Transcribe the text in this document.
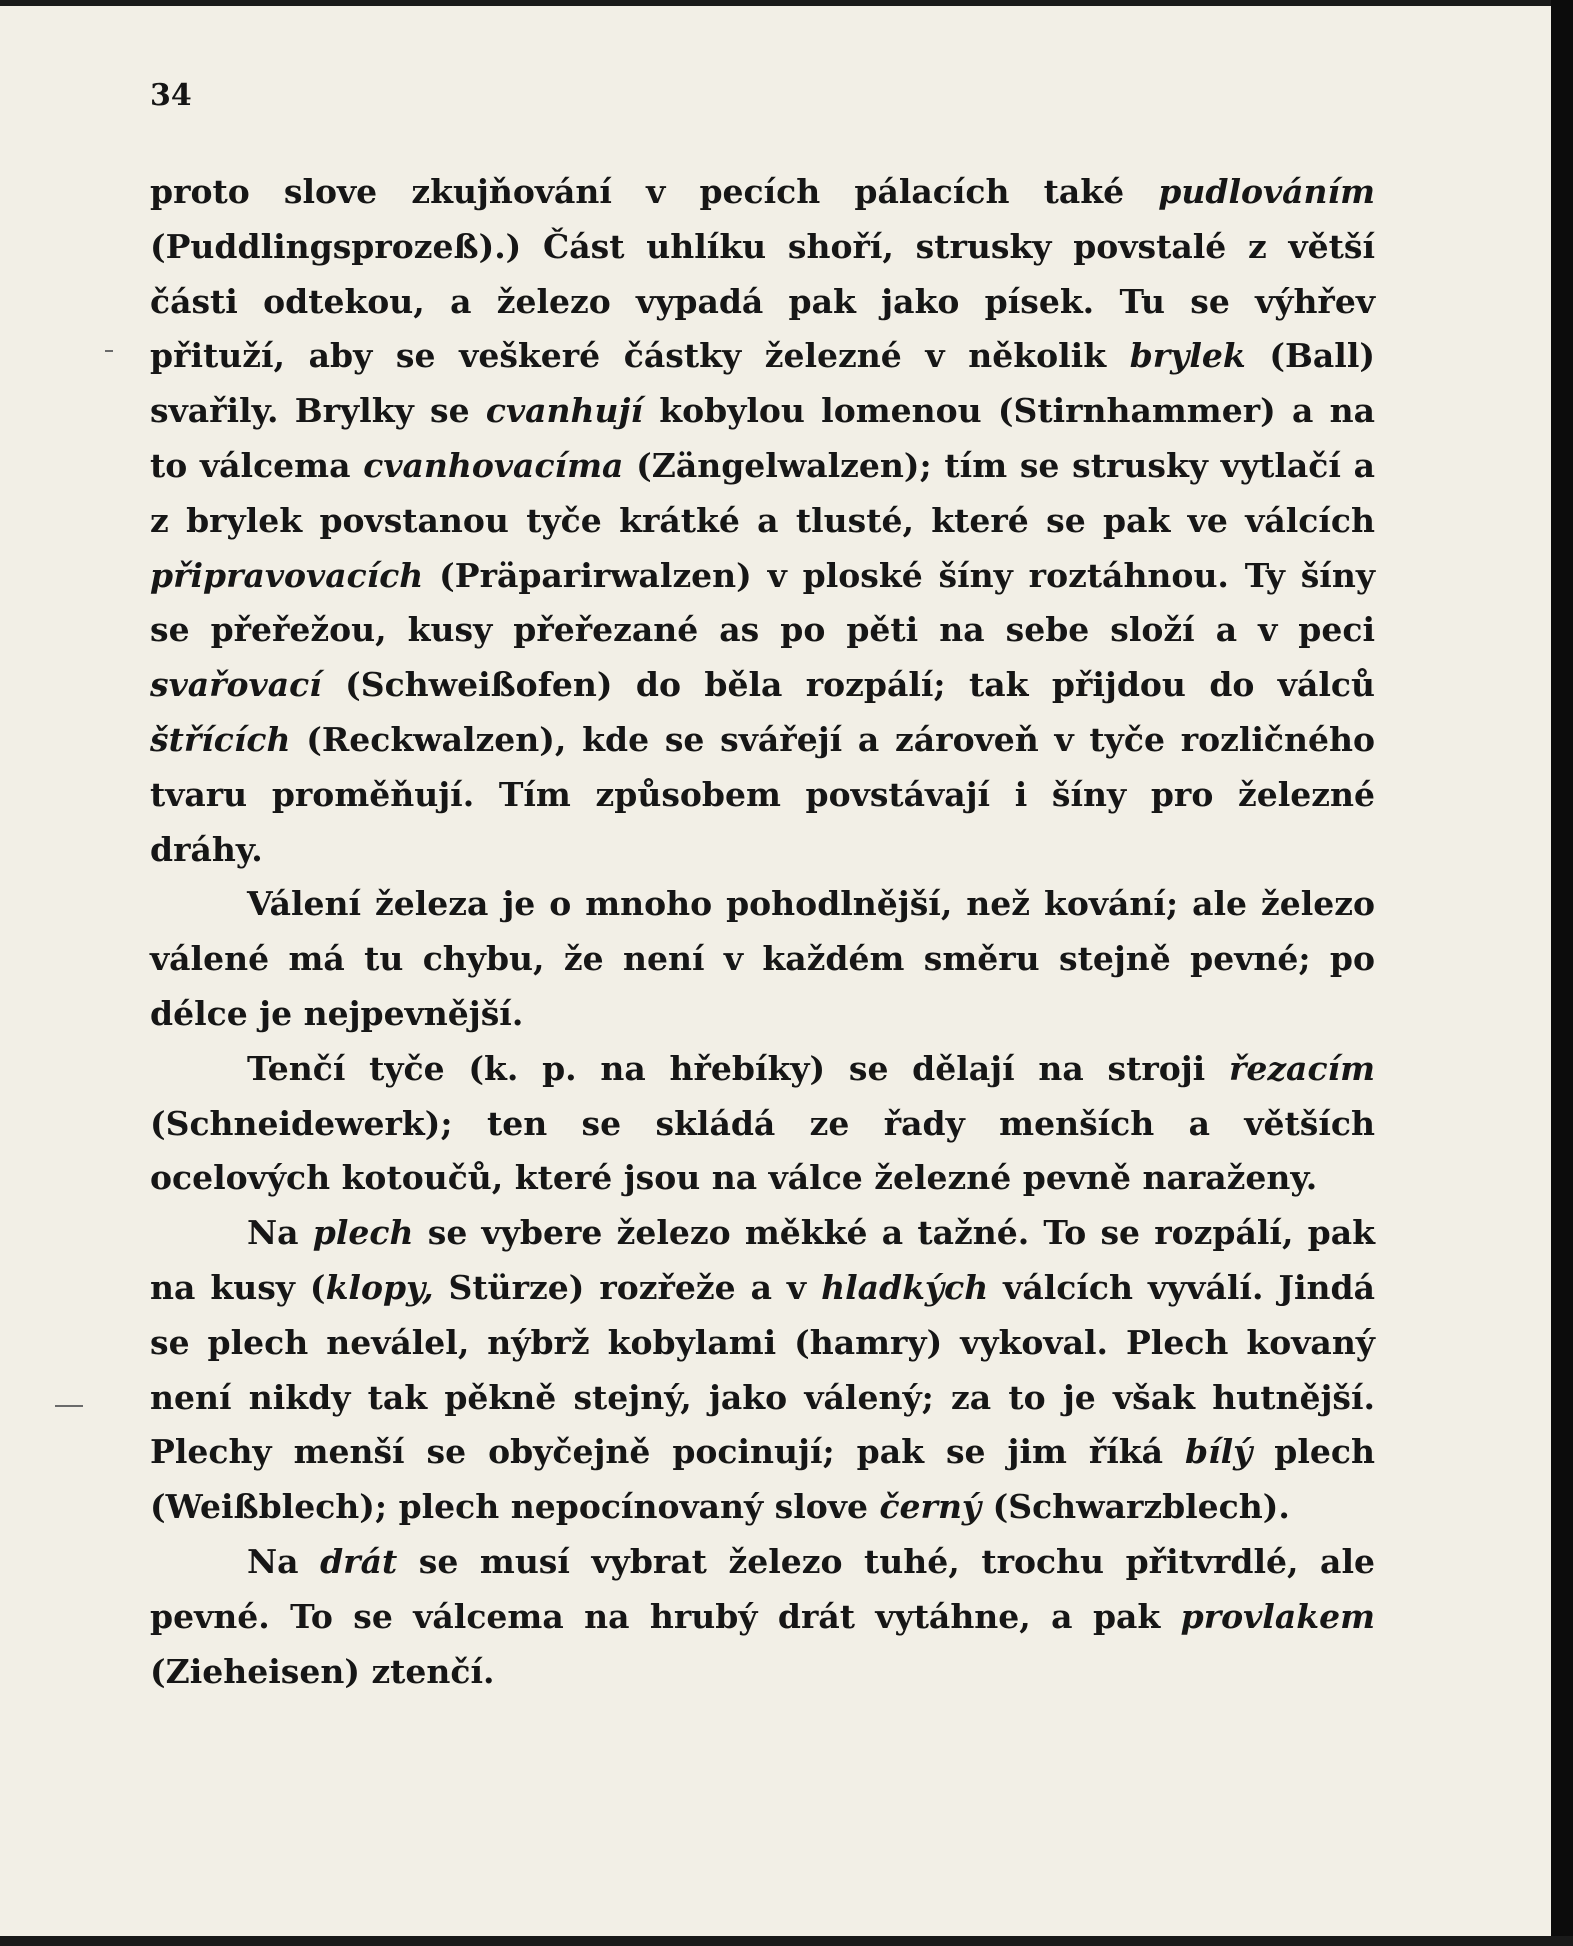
34

proto slove zkujňování v pecích pálacích také pudlováním (Puddlingsprozeß).) Část uhlíku shoří, strusky povstalé z větší části odtekou, a železo vypadá pak jako písek. Tu se výhřev přituží, aby se veškeré částky železné v několik brylek (Ball) svařily. Brylky se cvanhují kobylou lomenou (Stirnhammer) a na to válcema cvanhovacíma (Zängelwalzen); tím se strusky vytlačí a z brylek povstanou tyče krátké a tlusté, které se pak ve válcích připravovacích (Präparirwalzen) v ploské šíny roztáhnou. Ty šíny se přeřežou, kusy přeřezané as po pěti na sebe složí a v peci svařovací (Schweißofen) do běla rozpálí; tak přijdou do válců štřících (Reckwalzen), kde se svářejí a zároveň v tyče rozličného tvaru proměňují. Tím způsobem povstávají i šíny pro železné dráhy.

Válení železa je o mnoho pohodlnější, než kování; ale železo válené má tu chybu, že není v každém směru stejně pevné; po délce je nejpevnější.

Tenčí tyče (k. p. na hřebíky) se dělají na stroji řezacím (Schneidewerk); ten se skládá ze řady menších a větších ocelových kotoučů, které jsou na válce železné pevně naraženy.

Na plech se vybere železo měkké a tažné. To se rozpálí, pak na kusy (klopy, Stürze) rozřeže a v hladkých válcích vyválí. Jindá se plech neválel, nýbrž kobylami (hamry) vykoval. Plech kovaný není nikdy tak pěkně stejný, jako válený; za to je však hutnější. Plechy menší se obyčejně pocinují; pak se jim říká bílý plech (Weißblech); plech nepocínovaný slove černý (Schwarzblech).

Na drát se musí vybrat železo tuhé, trochu přitvrdlé, ale pevné. To se válcema na hrubý drát vytáhne, a pak provlakem (Zieheisen) ztenčí.
